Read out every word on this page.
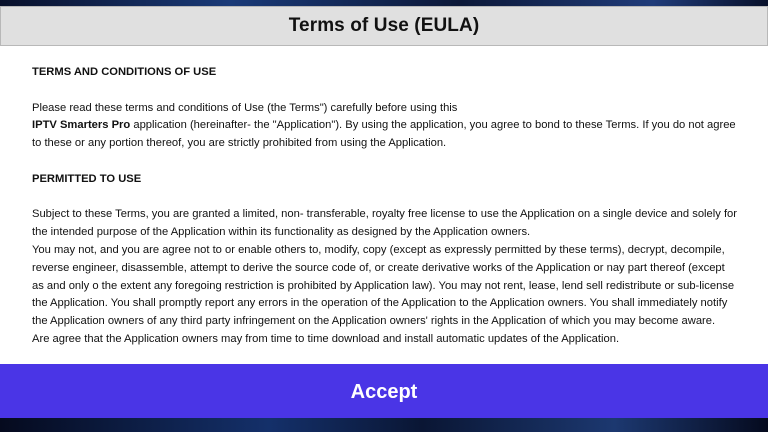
Terms of Use (EULA)

TERMS AND CONDITIONS OF USE

Please read these terms and conditions of Use (the Terms") carefully before using this
IPTV Smarters Pro application (hereinafter- the "Application"). By using the application, you agree to bond to these Terms. If you do not agree to these or any portion thereof, you are strictly prohibited from using the Application.

PERMITTED TO USE

Subject to these Terms, you are granted a limited, non- transferable, royalty free license to use the Application on a single device and solely for the intended purpose of the Application within its functionality as designed by the Application owners.

You may not, and you are agree not to or enable others to, modify, copy (except as expressly permitted by these terms), decrypt, decompile, reverse engineer, disassemble, attempt to derive the source code of, or create derivative works of the Application or nay part thereof (except as and only o the extent any foregoing restriction is prohibited by Application law). You may not rent, lease, lend sell redistribute or sub-license the Application. You shall promptly report any errors in the operation of the Application to the Application owners. You shall immediately notify the Application owners of any third party infringement on the Application owners' rights in the Application of which you may become aware.

Are agree that the Application owners may from time to time download and install automatic updates of the Application.

Accept
